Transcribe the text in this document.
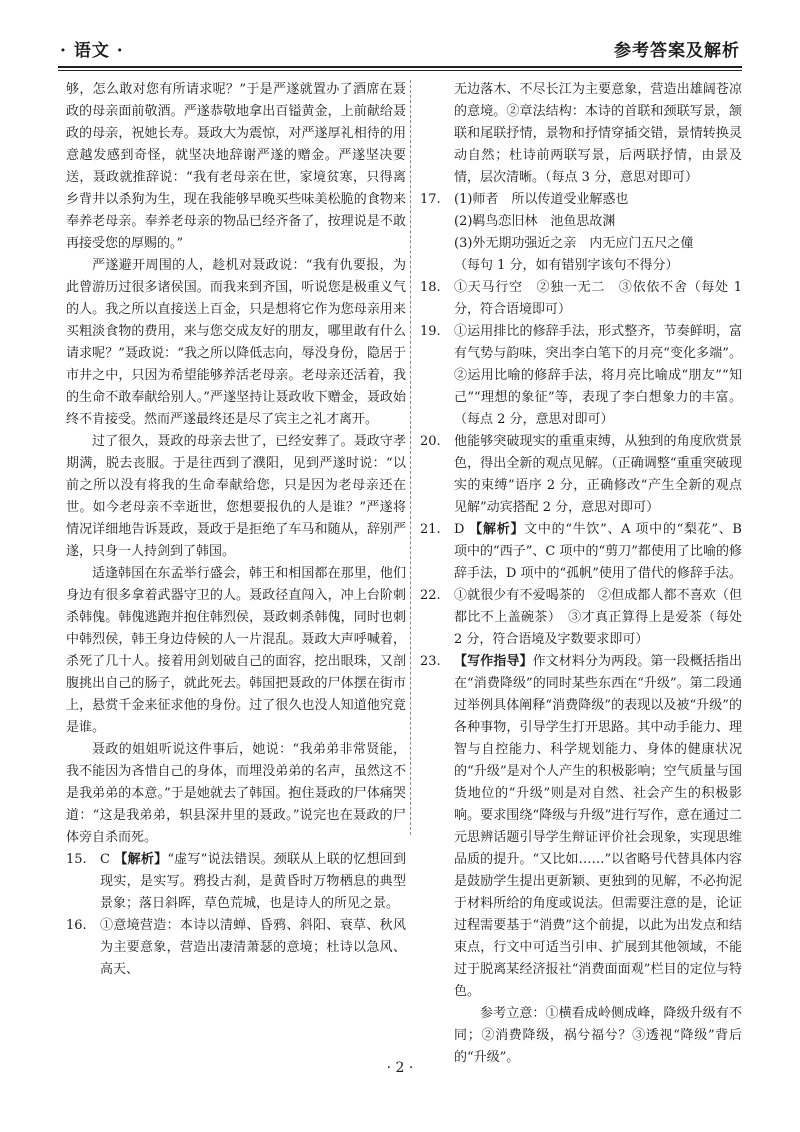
· 语文 ·	参考答案及解析

够，怎么敢对您有所请求呢？”于是严遂就置办了酒席在聂政的母亲面前敬酒。严遂恭敬地拿出百镒黄金，上前献给聂政的母亲，祝她长寿。聂政大为震惊，对严遂厚礼相待的用意越发感到奇怪，就坚决地辞谢严遂的赠金。严遂坚决要送，聂政就推辞说：“我有老母亲在世，家境贫寒，只得离乡背井以杀狗为生，现在我能够早晚买些味美松脆的食物来奉养老母亲。奉养老母亲的物品已经齐备了，按理说是不敢再接受您的厚赐的。”

严遂避开周围的人，趁机对聂政说：“我有仇要报，为此曾游历过很多诸侯国。而我来到齐国，听说您是极重义气的人。我之所以直接送上百金，只是想将它作为您母亲用来买粗淡食物的费用，来与您交成友好的朋友，哪里敢有什么请求呢？”聂政说：“我之所以降低志向，辱没身份，隐居于市井之中，只因为希望能够养活老母亲。老母亲还活着，我的生命不敢奉献给别人。”严遂坚持让聂政收下赠金，聂政始终不肯接受。然而严遂最终还是尽了宾主之礼才离开。

过了很久，聂政的母亲去世了，已经安葬了。聂政守孝期满，脱去丧服。于是往西到了濮阳，见到严遂时说：“以前之所以没有将我的生命奉献给您，只是因为老母亲还在世。如今老母亲不幸逝世，您想要报仇的人是谁？”严遂将情况详细地告诉聂政，聂政于是拒绝了车马和随从，辞别严遂，只身一人持剑到了韩国。

适逢韩国在东孟举行盛会，韩王和相国都在那里，他们身边有很多拿着武器守卫的人。聂政径直闯入，冲上台阶刺杀韩傀。韩傀逃跑并抱住韩烈侯，聂政刺杀韩傀，同时也刺中韩烈侯，韩王身边侍候的人一片混乱。聂政大声呼喊着，杀死了几十人。接着用剑划破自己的面容，挖出眼珠，又剖腹挑出自己的肠子，就此死去。韩国把聂政的尸体摆在街市上，悬赏千金来征求他的身份。过了很久也没人知道他究竟是谁。

聂政的姐姐听说这件事后，她说：“我弟弟非常贤能，我不能因为吝惜自己的身体，而埋没弟弟的名声，虽然这不是我弟弟的本意。”于是她就去了韩国。抱住聂政的尸体痛哭道：“这是我弟弟，轵县深井里的聂政。”说完也在聂政的尸体旁自杀而死。

15. C 【解析】“虚写”说法错误。颈联从上联的忆想回到现实，是实写。鸦投古刹，是黄昏时万物栖息的典型景象；落日斜晖，草色荒城，也是诗人的所见之景。

16. ①意境营造：本诗以清蝉、昏鸦、斜阳、衰草、秋风为主要意象，营造出凄清萧瑟的意境；杜诗以急风、高天、

无边落木、不尽长江为主要意象，营造出雄阔苍凉的意境。②章法结构：本诗的首联和颈联写景，颔联和尾联抒情，景物和抒情穿插交错，景情转换灵动自然；杜诗前两联写景，后两联抒情，由景及情，层次清晰。（每点 3 分，意思对即可）

17. (1)师者　所以传道受业解惑也
(2)羁鸟恋旧林　池鱼思故渊
(3)外无期功强近之亲　内无应门五尺之僮
（每句 1 分，如有错别字该句不得分）

18. ①天马行空　②独一无二　③依依不舍（每处 1 分，符合语境即可）

19. ①运用排比的修辞手法，形式整齐，节奏鲜明，富有气势与韵味，突出李白笔下的月亮“变化多端”。②运用比喻的修辞手法，将月亮比喻成“朋友”“知己”“理想的象征”等，表现了李白想象力的丰富。（每点 2 分，意思对即可）

20. 他能够突破现实的重重束缚，从独到的角度欣赏景色，得出全新的观点见解。（正确调整“重重突破现实的束缚”语序 2 分，正确修改“产生全新的观点见解”动宾搭配 2 分，意思对即可）

21. D 【解析】文中的“牛饮”、A 项中的“梨花”、B 项中的“西子”、C 项中的“剪刀”都使用了比喻的修辞手法，D 项中的“孤帆”使用了借代的修辞手法。

22. ①就很少有不爱喝茶的　②但成都人都不喜欢（但都比不上盖碗茶）　③才真正算得上是爱茶（每处 2 分，符合语境及字数要求即可）

23. 【写作指导】作文材料分为两段。第一段概括指出在“消费降级”的同时某些东西在“升级”。第二段通过举例具体阐释“消费降级”的表现以及被“升级”的各种事物，引导学生打开思路。其中动手能力、理智与自控能力、科学规划能力、身体的健康状况的“升级”是对个人产生的积极影响；空气质量与国货地位的“升级”则是对自然、社会产生的积极影响。要求围绕“降级与升级”进行写作，意在通过二元思辨话题引导学生辩证评价社会现象，实现思维品质的提升。“又比如……”以省略号代替具体内容是鼓励学生提出更新颖、更独到的见解，不必拘泥于材料所给的角度或说法。但需要注意的是，论证过程需要基于“消费”这个前提，以此为出发点和结束点，行文中可适当引申、扩展到其他领域，不能过于脱离某经济报社“消费面面观”栏目的定位与特色。

参考立意：①横看成岭侧成峰，降级升级有不同；②消费降级，祸兮福兮？③透视“降级”背后的“升级”。

· 2 ·
